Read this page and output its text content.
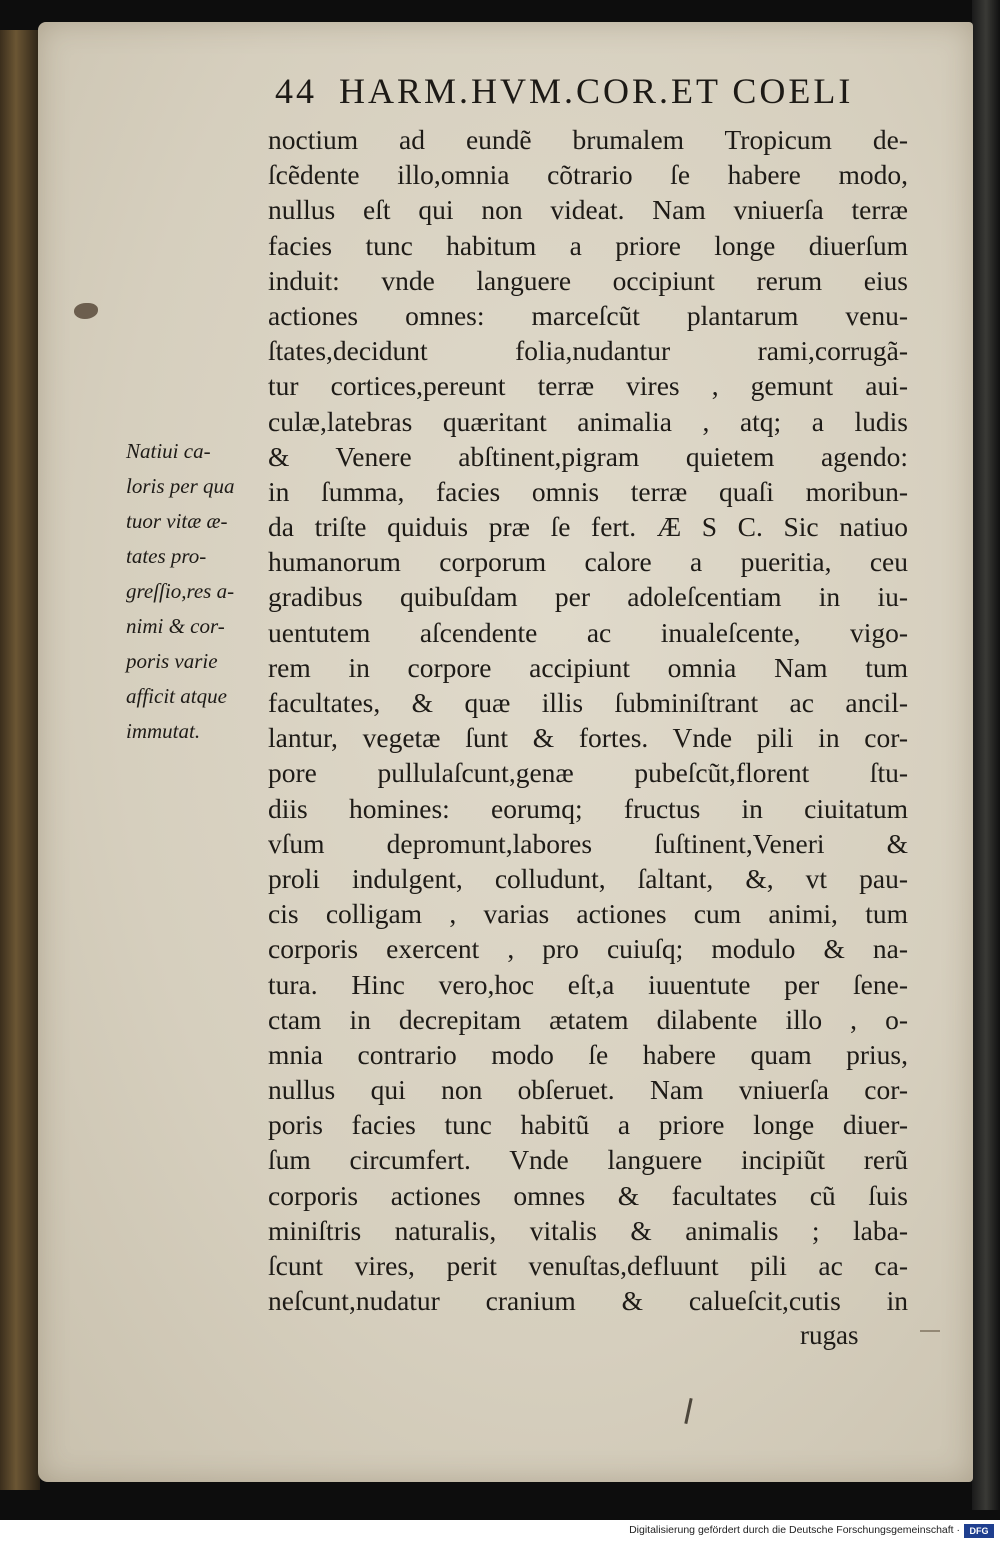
44 HARM.HVM.COR.ET COELI
Natiui ca-
loris per qua
tuor vitæ æ-
tates pro-
greſſio,res a-
nimi & cor-
poris varie
afficit atque
immutat.
noctium ad eundẽ brumalem Tropicum de-
ſcẽdente illo,omnia cõtrario ſe habere modo,
nullus eſt qui non videat. Nam vniuerſa terræ
facies tunc habitum a priore longe diuerſum
induit: vnde languere occipiunt rerum eius
actiones omnes: marceſcũt plantarum venu-
ſtates,decidunt folia,nudantur rami,corrugã-
tur cortices,pereunt terræ vires , gemunt aui-
culæ,latebras quæritant animalia , atq; a ludis
& Venere abſtinent,pigram quietem agendo:
in ſumma, facies omnis terræ quaſi moribun-
da triſte quiduis præ ſe fert. Æ S C. Sic natiuo
humanorum corporum calore a pueritia, ceu
gradibus quibuſdam per adoleſcentiam in iu-
uentutem aſcendente ac inualeſcente, vigo-
rem in corpore accipiunt omnia Nam tum
facultates, & quæ illis ſubminiſtrant ac ancil-
lantur, vegetæ ſunt & fortes. Vnde pili in cor-
pore pullulaſcunt,genæ pubeſcũt,florent ſtu-
diis homines: eorumq; fructus in ciuitatum
vſum depromunt,labores ſuſtinent,Veneri &
proli indulgent, colludunt, ſaltant, &, vt pau-
cis colligam , varias actiones cum animi, tum
corporis exercent , pro cuiuſq; modulo & na-
tura. Hinc vero,hoc eſt,a iuuentute per ſene-
ctam in decrepitam ætatem dilabente illo , o-
mnia contrario modo ſe habere quam prius,
nullus qui non obſeruet. Nam vniuerſa cor-
poris facies tunc habitũ a priore longe diuer-
ſum circumfert. Vnde languere incipiũt rerũ
corporis actiones omnes & facultates cũ ſuis
miniſtris naturalis, vitalis & animalis ; laba-
ſcunt vires, perit venuſtas,defluunt pili ac ca-
neſcunt,nudatur cranium & calueſcit,cutis in
rugas
Digitalisierung gefördert durch die Deutsche Forschungsgemeinschaft ·	DFG
